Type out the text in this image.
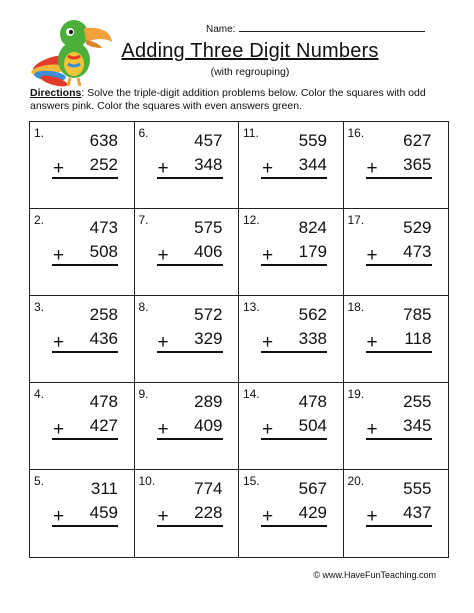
Name:
Adding Three Digit Numbers
(with regrouping)
Directions: Solve the triple-digit addition problems below. Color the squares with odd answers pink. Color the squares with even answers green.
1.	638
+	252
6.	457
+	348
11.	559
+	344
16.	627
+	365
2.	473
+	508
7.	575
+	406
12.	824
+	179
17.	529
+	473
3.	258
+	436
8.	572
+	329
13.	562
+	338
18.	785
+	118
4.	478
+	427
9.	289
+	409
14.	478
+	504
19.	255
+	345
5.	311
+	459
10.	774
+	228
15.	567
+	429
20.	555
+	437
© www.HaveFunTeaching.com
